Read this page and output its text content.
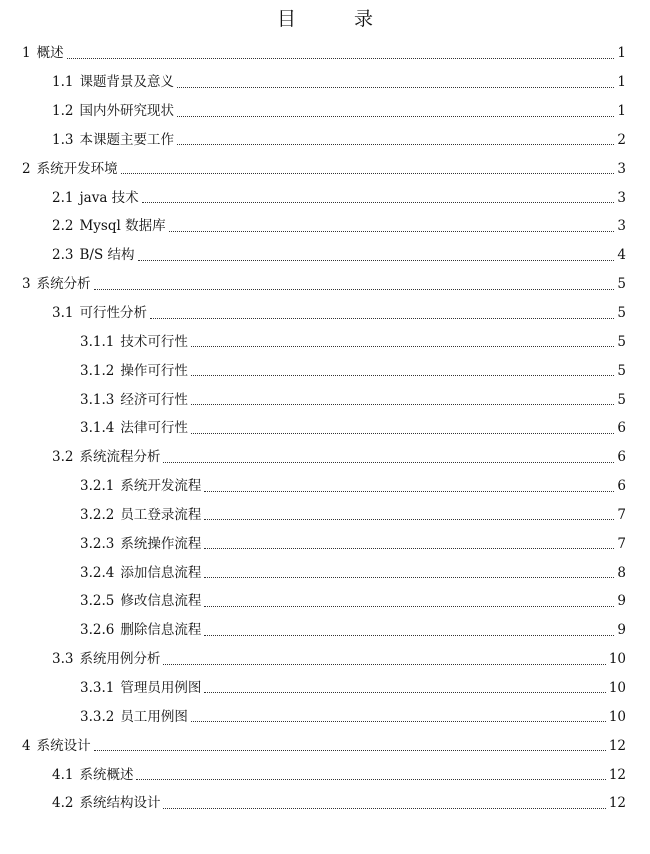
目 录
1 概述	1
1.1 课题背景及意义	1
1.2 国内外研究现状	1
1.3 本课题主要工作	2
2 系统开发环境	3
2.1 java 技术	3
2.2 Mysql 数据库	3
2.3 B/S 结构	4
3 系统分析	5
3.1 可行性分析	5
3.1.1 技术可行性	5
3.1.2 操作可行性	5
3.1.3 经济可行性	5
3.1.4 法律可行性	6
3.2 系统流程分析	6
3.2.1 系统开发流程	6
3.2.2 员工登录流程	7
3.2.3 系统操作流程	7
3.2.4 添加信息流程	8
3.2.5 修改信息流程	9
3.2.6 删除信息流程	9
3.3 系统用例分析	10
3.3.1 管理员用例图	10
3.3.2 员工用例图	10
4 系统设计	12
4.1 系统概述	12
4.2 系统结构设计	12
